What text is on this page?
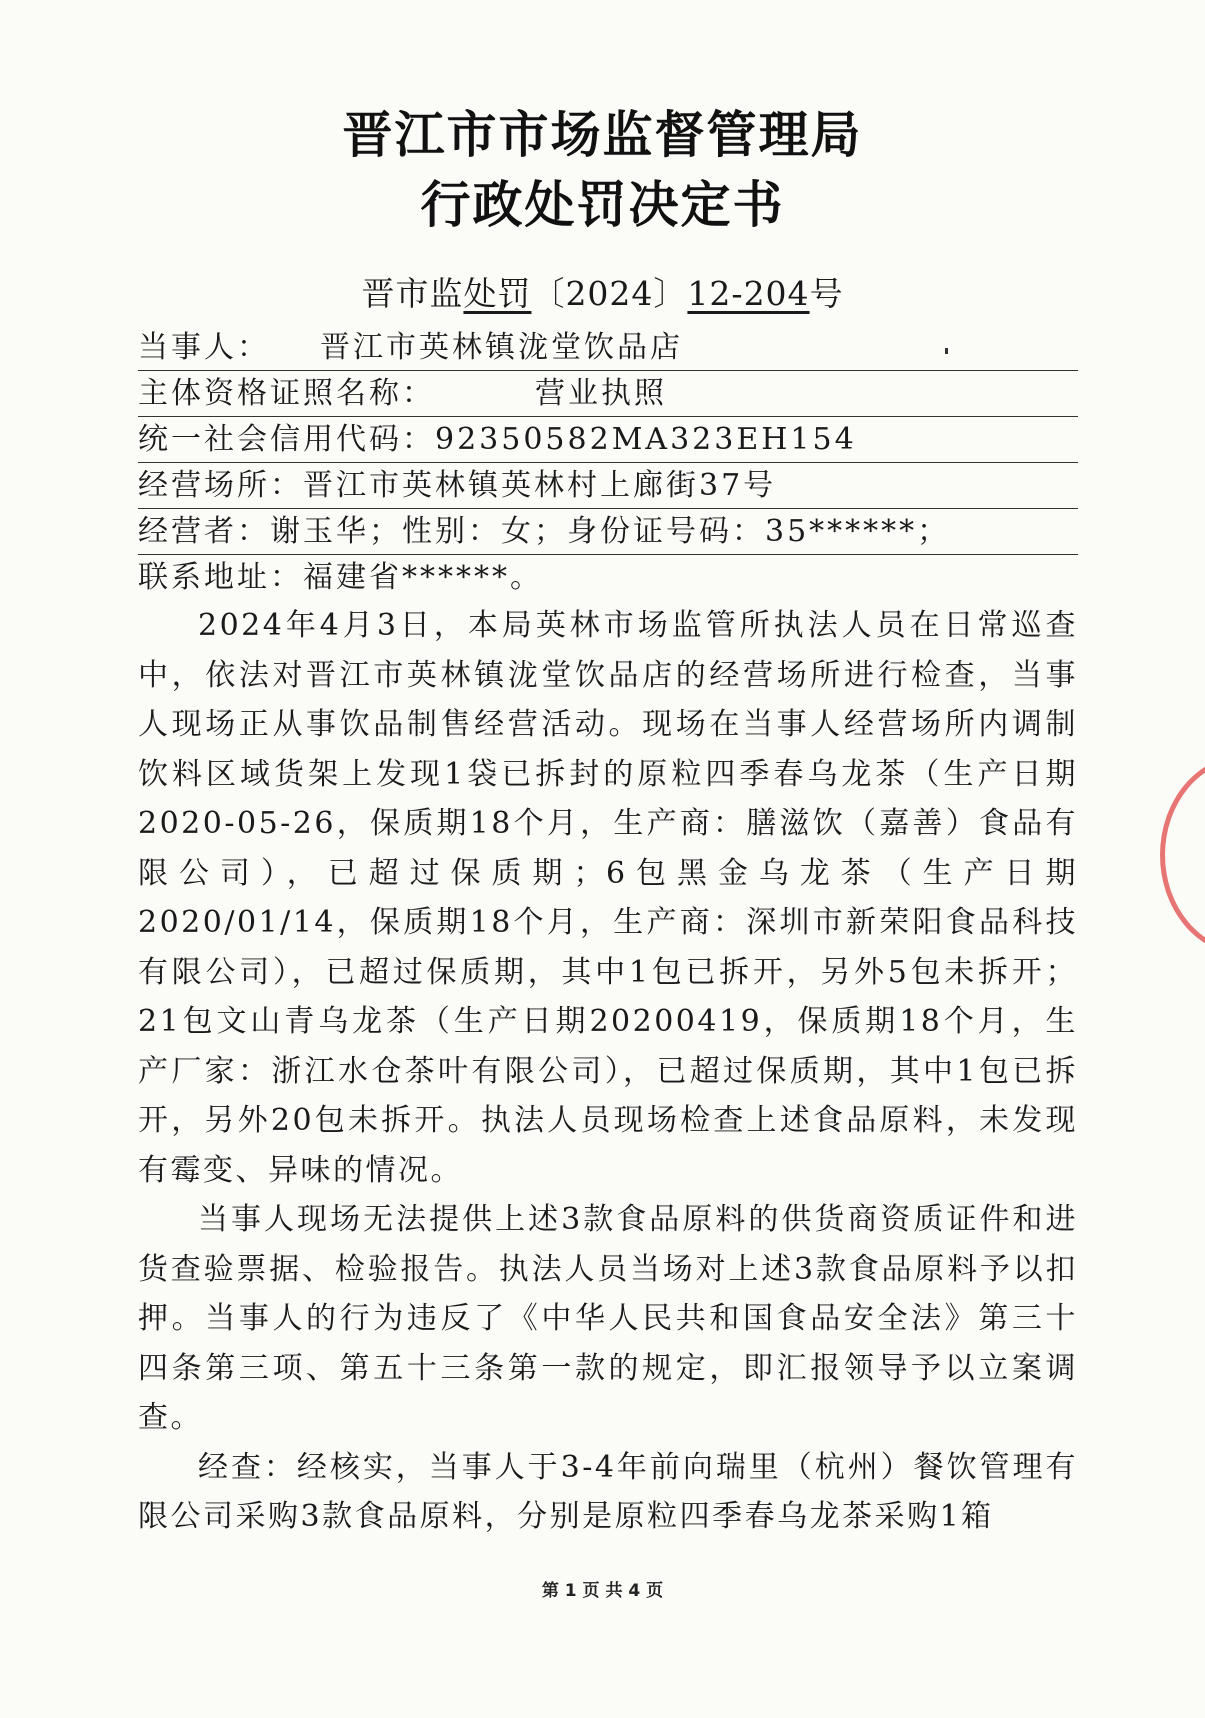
晋江市市场监督管理局
行政处罚决定书
晋市监处罚〔2024〕12-204号
当事人： 晋江市英林镇泷堂饮品店
主体资格证照名称：	营业执照
统一社会信用代码：92350582MA323EH154
经营场所：晋江市英林镇英林村上廊街37号
经营者：谢玉华；性别：女；身份证号码：35******；
联系地址：福建省******。

2024年4月3日，本局英林市场监管所执法人员在日常巡查中，依法对晋江市英林镇泷堂饮品店的经营场所进行检查，当事人现场正从事饮品制售经营活动。现场在当事人经营场所内调制饮料区域货架上发现1袋已拆封的原粒四季春乌龙茶（生产日期2020-05-26，保质期18个月，生产商：膳滋饮（嘉善）食品有限公司），已超过保质期；6包黑金乌龙茶（生产日期2020/01/14，保质期18个月，生产商：深圳市新荣阳食品科技有限公司），已超过保质期，其中1包已拆开，另外5包未拆开；21包文山青乌龙茶（生产日期20200419，保质期18个月，生产厂家：浙江水仓茶叶有限公司），已超过保质期，其中1包已拆开，另外20包未拆开。执法人员现场检查上述食品原料，未发现有霉变、异味的情况。

当事人现场无法提供上述3款食品原料的供货商资质证件和进货查验票据、检验报告。执法人员当场对上述3款食品原料予以扣押。当事人的行为违反了《中华人民共和国食品安全法》第三十四条第三项、第五十三条第一款的规定，即汇报领导予以立案调查。

经查：经核实，当事人于3-4年前向瑞里（杭州）餐饮管理有限公司采购3款食品原料，分别是原粒四季春乌龙茶采购1箱

第 1 页 共 4 页
